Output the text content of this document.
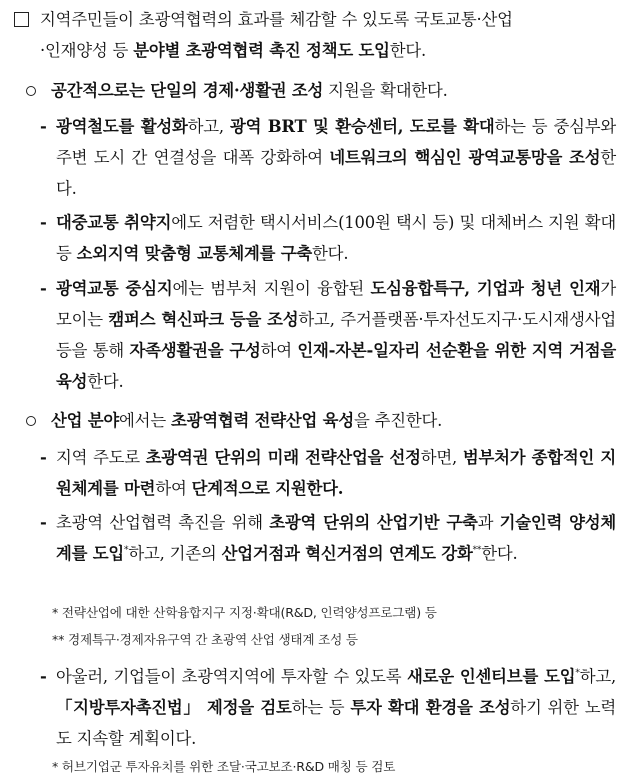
지역주민들이 초광역협력의 효과를 체감할 수 있도록 국토교통·산업
·인재양성 등 분야별 초광역협력 촉진 정책도 도입한다.

공간적으로는 단일의 경제·생활권 조성 지원을 확대한다.

- 광역철도를 활성화하고, 광역 BRT 및 환승센터, 도로를 확대하는 등 중심부와 주변 도시 간 연결성을 대폭 강화하여 네트워크의 핵심인 광역교통망을 조성한다.

- 대중교통 취약지에도 저렴한 택시서비스(100원 택시 등) 및 대체버스 지원 확대 등 소외지역 맞춤형 교통체계를 구축한다.

- 광역교통 중심지에는 범부처 지원이 융합된 도심융합특구, 기업과 청년 인재가 모이는 캠퍼스 혁신파크 등을 조성하고, 주거플랫폼·투자선도지구·도시재생사업 등을 통해 자족생활권을 구성하여 인재-자본-일자리 선순환을 위한 지역 거점을 육성한다.

산업 분야에서는 초광역협력 전략산업 육성을 추진한다.

- 지역 주도로 초광역권 단위의 미래 전략산업을 선정하면, 범부처가 종합적인 지원체계를 마련하여 단계적으로 지원한다.

- 초광역 산업협력 촉진을 위해 초광역 단위의 산업기반 구축과 기술인력 양성체계를 도입*하고, 기존의 산업거점과 혁신거점의 연계도 강화**한다.

* 전략산업에 대한 산학융합지구 지정·확대(R&D, 인력양성프로그램) 등

** 경제특구·경제자유구역 간 초광역 산업 생태계 조성 등

- 아울러, 기업들이 초광역지역에 투자할 수 있도록 새로운 인센티브를 도입*하고, 「지방투자촉진법」 제정을 검토하는 등 투자 확대 환경을 조성하기 위한 노력도 지속할 계획이다.

* 허브기업군 투자유치를 위한 조달·국고보조·R&D 매칭 등 검토
